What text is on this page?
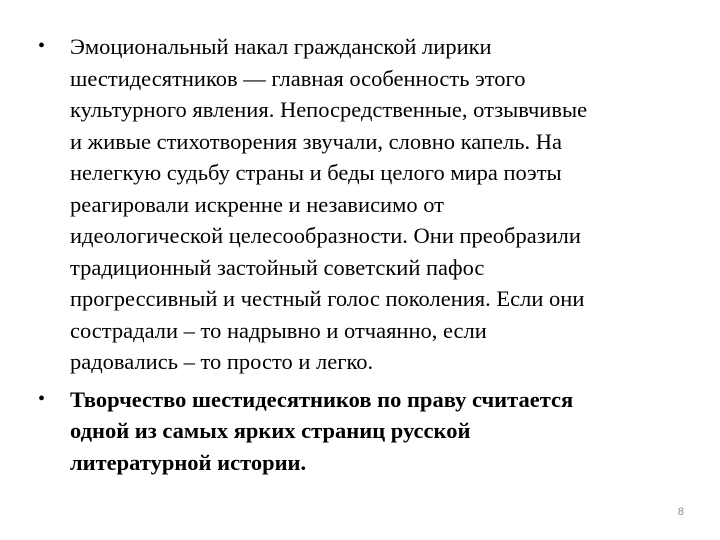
• Эмоциональный накал гражданской лирики
шестидесятников — главная особенность этого
культурного явления. Непосредственные, отзывчивые
и живые стихотворения звучали, словно капель. На
нелегкую судьбу страны и беды целого мира поэты
реагировали искренне и независимо от
идеологической целесообразности. Они преобразили
традиционный застойный советский пафос
прогрессивный и честный голос поколения. Если они
сострадали – то надрывно и отчаянно, если
радовались – то просто и легко.
• Творчество шестидесятников по праву считается
одной из самых ярких страниц русской
литературной истории.
8
